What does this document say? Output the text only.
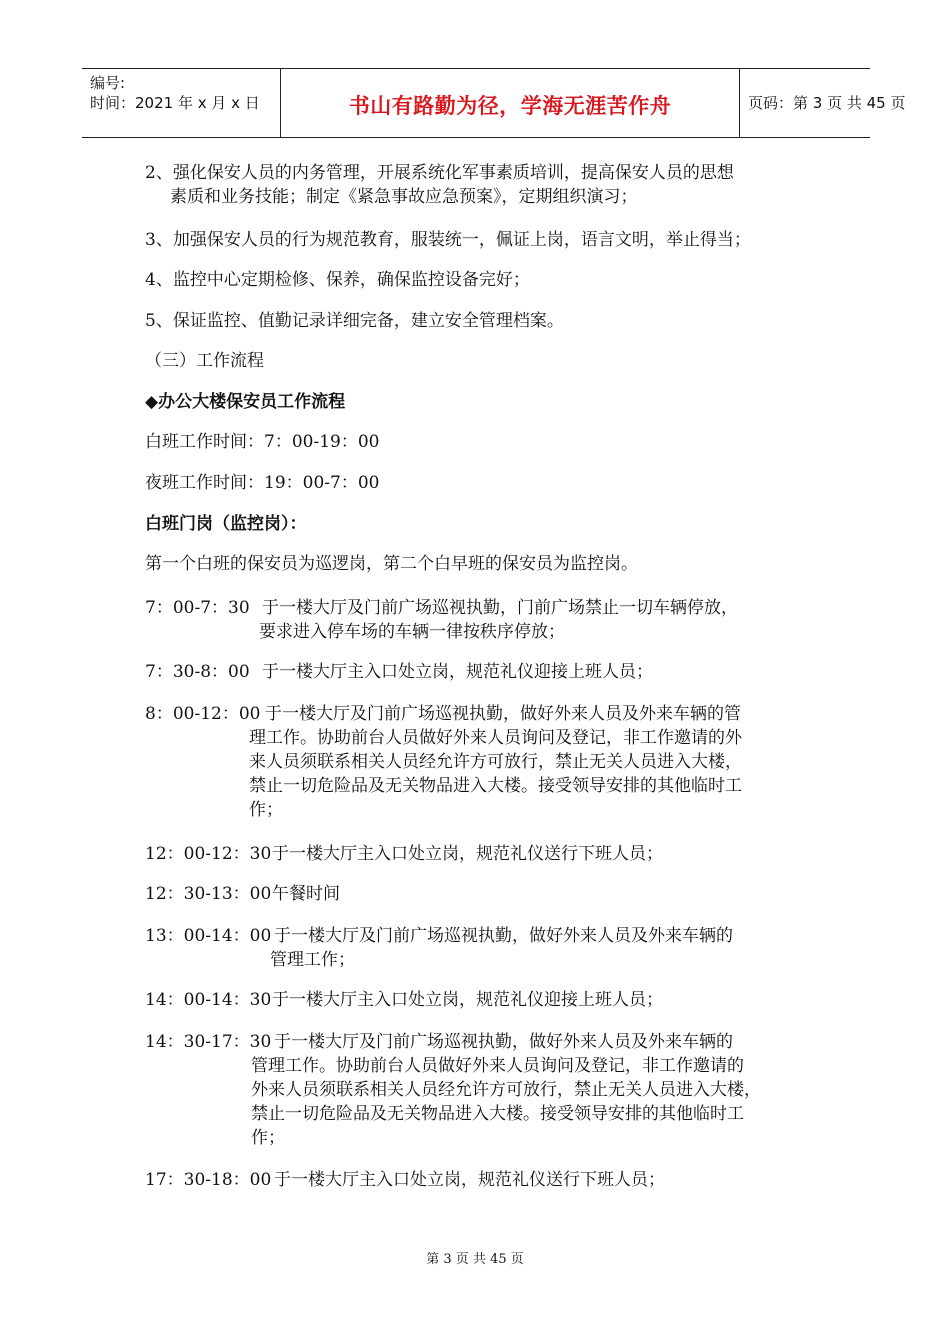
编号:
时间：2021 年 x 月 x 日	书山有路勤为径，学海无涯苦作舟	页码：第 3 页 共 45 页
2、强化保安人员的内务管理，开展系统化军事素质培训，提高保安人员的思想
素质和业务技能；制定《紧急事故应急预案》，定期组织演习；
3、加强保安人员的行为规范教育，服装统一，佩证上岗，语言文明，举止得当；
4、监控中心定期检修、保养，确保监控设备完好；
5、保证监控、值勤记录详细完备，建立安全管理档案。
（三）工作流程
◆办公大楼保安员工作流程
白班工作时间：7：00-19：00
夜班工作时间：19：00-7：00
白班门岗（监控岗）：
第一个白班的保安员为巡逻岗，第二个白早班的保安员为监控岗。
7：00-7：30 于一楼大厅及门前广场巡视执勤，门前广场禁止一切车辆停放，
要求进入停车场的车辆一律按秩序停放；
7：30-8：00 于一楼大厅主入口处立岗，规范礼仪迎接上班人员；
8：00-12：00 于一楼大厅及门前广场巡视执勤，做好外来人员及外来车辆的管
理工作。协助前台人员做好外来人员询问及登记，非工作邀请的外
来人员须联系相关人员经允许方可放行，禁止无关人员进入大楼，
禁止一切危险品及无关物品进入大楼。接受领导安排的其他临时工
作；
12：00-12：30 于一楼大厅主入口处立岗，规范礼仪送行下班人员；
12：30-13：00 午餐时间
13：00-14：00 于一楼大厅及门前广场巡视执勤，做好外来人员及外来车辆的
管理工作；
14：00-14：30 于一楼大厅主入口处立岗，规范礼仪迎接上班人员；
14：30-17：30 于一楼大厅及门前广场巡视执勤，做好外来人员及外来车辆的
管理工作。协助前台人员做好外来人员询问及登记，非工作邀请的
外来人员须联系相关人员经允许方可放行，禁止无关人员进入大楼，
禁止一切危险品及无关物品进入大楼。接受领导安排的其他临时工
作；
17：30-18：00 于一楼大厅主入口处立岗，规范礼仪送行下班人员；
第 3 页 共 45 页
